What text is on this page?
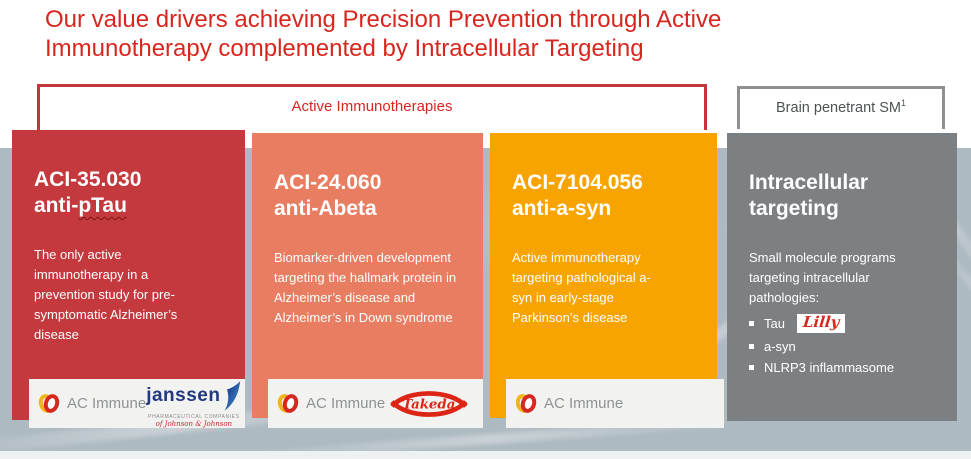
Our value drivers achieving Precision Prevention through Active Immunotherapy complemented by Intracellular Targeting
Active Immunotherapies	Brain penetrant $SM^1$
ACI-35.030
anti-pTau

The only active immunotherapy in a prevention study for pre-symptomatic Alzheimer’s disease

ACI-24.060
anti-Abeta

Biomarker-driven development targeting the hallmark protein in Alzheimer’s disease and Alzheimer’s in Down syndrome

ACI-7104.056
anti-a-syn

Active immunotherapy targeting pathological a-syn in early-stage Parkinson’s disease

Intracellular
targeting

Small molecule programs targeting intracellular pathologies:

Tau	Lilly
a-syn
NLRP3 inflammasome
AC Immune janssen
PHARMACEUTICAL COMPANIES
of Johnson & Johnson
AC Immune Takeda	AC Immune
